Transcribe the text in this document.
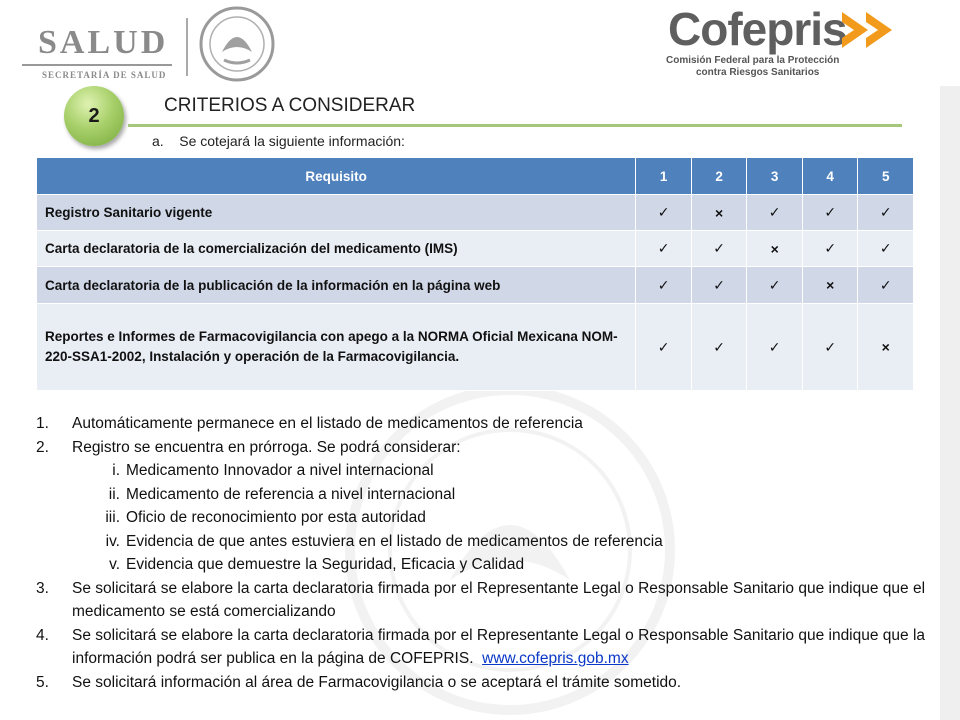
SALUD
SECRETARÍA DE SALUD
Cofepris
Comisión Federal para la Protección
contra Riesgos Sanitarios
2	CRITERIOS A CONSIDERAR
a. Se cotejará la siguiente información:
Requisito	1	2	3	4	5
Registro Sanitario vigente	✓	×	✓	✓	✓
Carta declaratoria de la comercialización del medicamento (IMS)	✓	✓	×	✓	✓
Carta declaratoria de la publicación de la información en la página web	✓	✓	✓	×	✓
Reportes e Informes de Farmacovigilancia con apego a la NORMA Oficial Mexicana NOM-220-SSA1-2002, Instalación y operación de la Farmacovigilancia.	✓	✓	✓	✓	×
1. Automáticamente permanece en el listado de medicamentos de referencia
2. Registro se encuentra en prórroga. Se podrá considerar:
i. Medicamento Innovador a nivel internacional
ii. Medicamento de referencia a nivel internacional
iii. Oficio de reconocimiento por esta autoridad
iv. Evidencia de que antes estuviera en el listado de medicamentos de referencia
v. Evidencia que demuestre la Seguridad, Eficacia y Calidad
3. Se solicitará se elabore la carta declaratoria firmada por el Representante Legal o Responsable Sanitario que indique que el medicamento se está comercializando
4. Se solicitará se elabore la carta declaratoria firmada por el Representante Legal o Responsable Sanitario que indique que la información podrá ser publica en la página de COFEPRIS. www.cofepris.gob.mx
5. Se solicitará información al área de Farmacovigilancia o se aceptará el trámite sometido.
